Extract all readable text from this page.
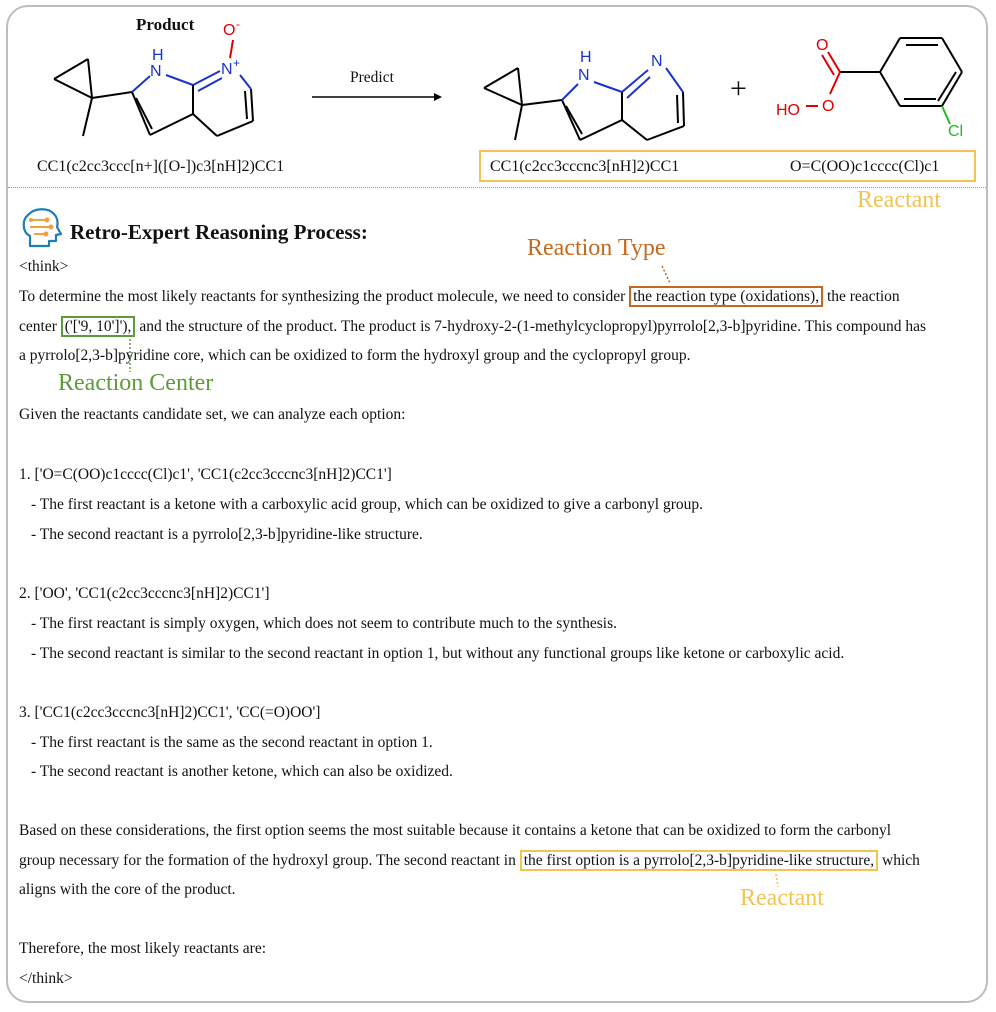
Product O -
N +
H
N
CC1(c2cc3ccc[n+]([O-])c3[nH]2)CC1
Predict
H
N
N
+
O
O
HO
Cl
CC1(c2cc3cccnc3[nH]2)CC1	O=C(OO)c1cccc(Cl)c1
Reactant
Retro-Expert Reasoning Process:
Reaction Type
<think>
To determine the most likely reactants for synthesizing the product molecule, we need to consider the reaction type (oxidations), the reaction
center ('['9, 10']'), and the structure of the product. The product is 7-hydroxy-2-(1-methylcyclopropyl)pyrrolo[2,3-b]pyridine. This compound has
a pyrrolo[2,3-b]pyridine core, which can be oxidized to form the hydroxyl group and the cyclopropyl group.
Reaction Center
Given the reactants candidate set, we can analyze each option:
1. ['O=C(OO)c1cccc(Cl)c1', 'CC1(c2cc3cccnc3[nH]2)CC1']
- The first reactant is a ketone with a carboxylic acid group, which can be oxidized to give a carbonyl group.
- The second reactant is a pyrrolo[2,3-b]pyridine-like structure.
2. ['OO', 'CC1(c2cc3cccnc3[nH]2)CC1']
- The first reactant is simply oxygen, which does not seem to contribute much to the synthesis.
- The second reactant is similar to the second reactant in option 1, but without any functional groups like ketone or carboxylic acid.
3. ['CC1(c2cc3cccnc3[nH]2)CC1', 'CC(=O)OO']
- The first reactant is the same as the second reactant in option 1.
- The second reactant is another ketone, which can also be oxidized.
Based on these considerations, the first option seems the most suitable because it contains a ketone that can be oxidized to form the carbonyl
group necessary for the formation of the hydroxyl group. The second reactant in the first option is a pyrrolo[2,3-b]pyridine-like structure, which
aligns with the core of the product.	Reactant
Therefore, the most likely reactants are:
</think>
